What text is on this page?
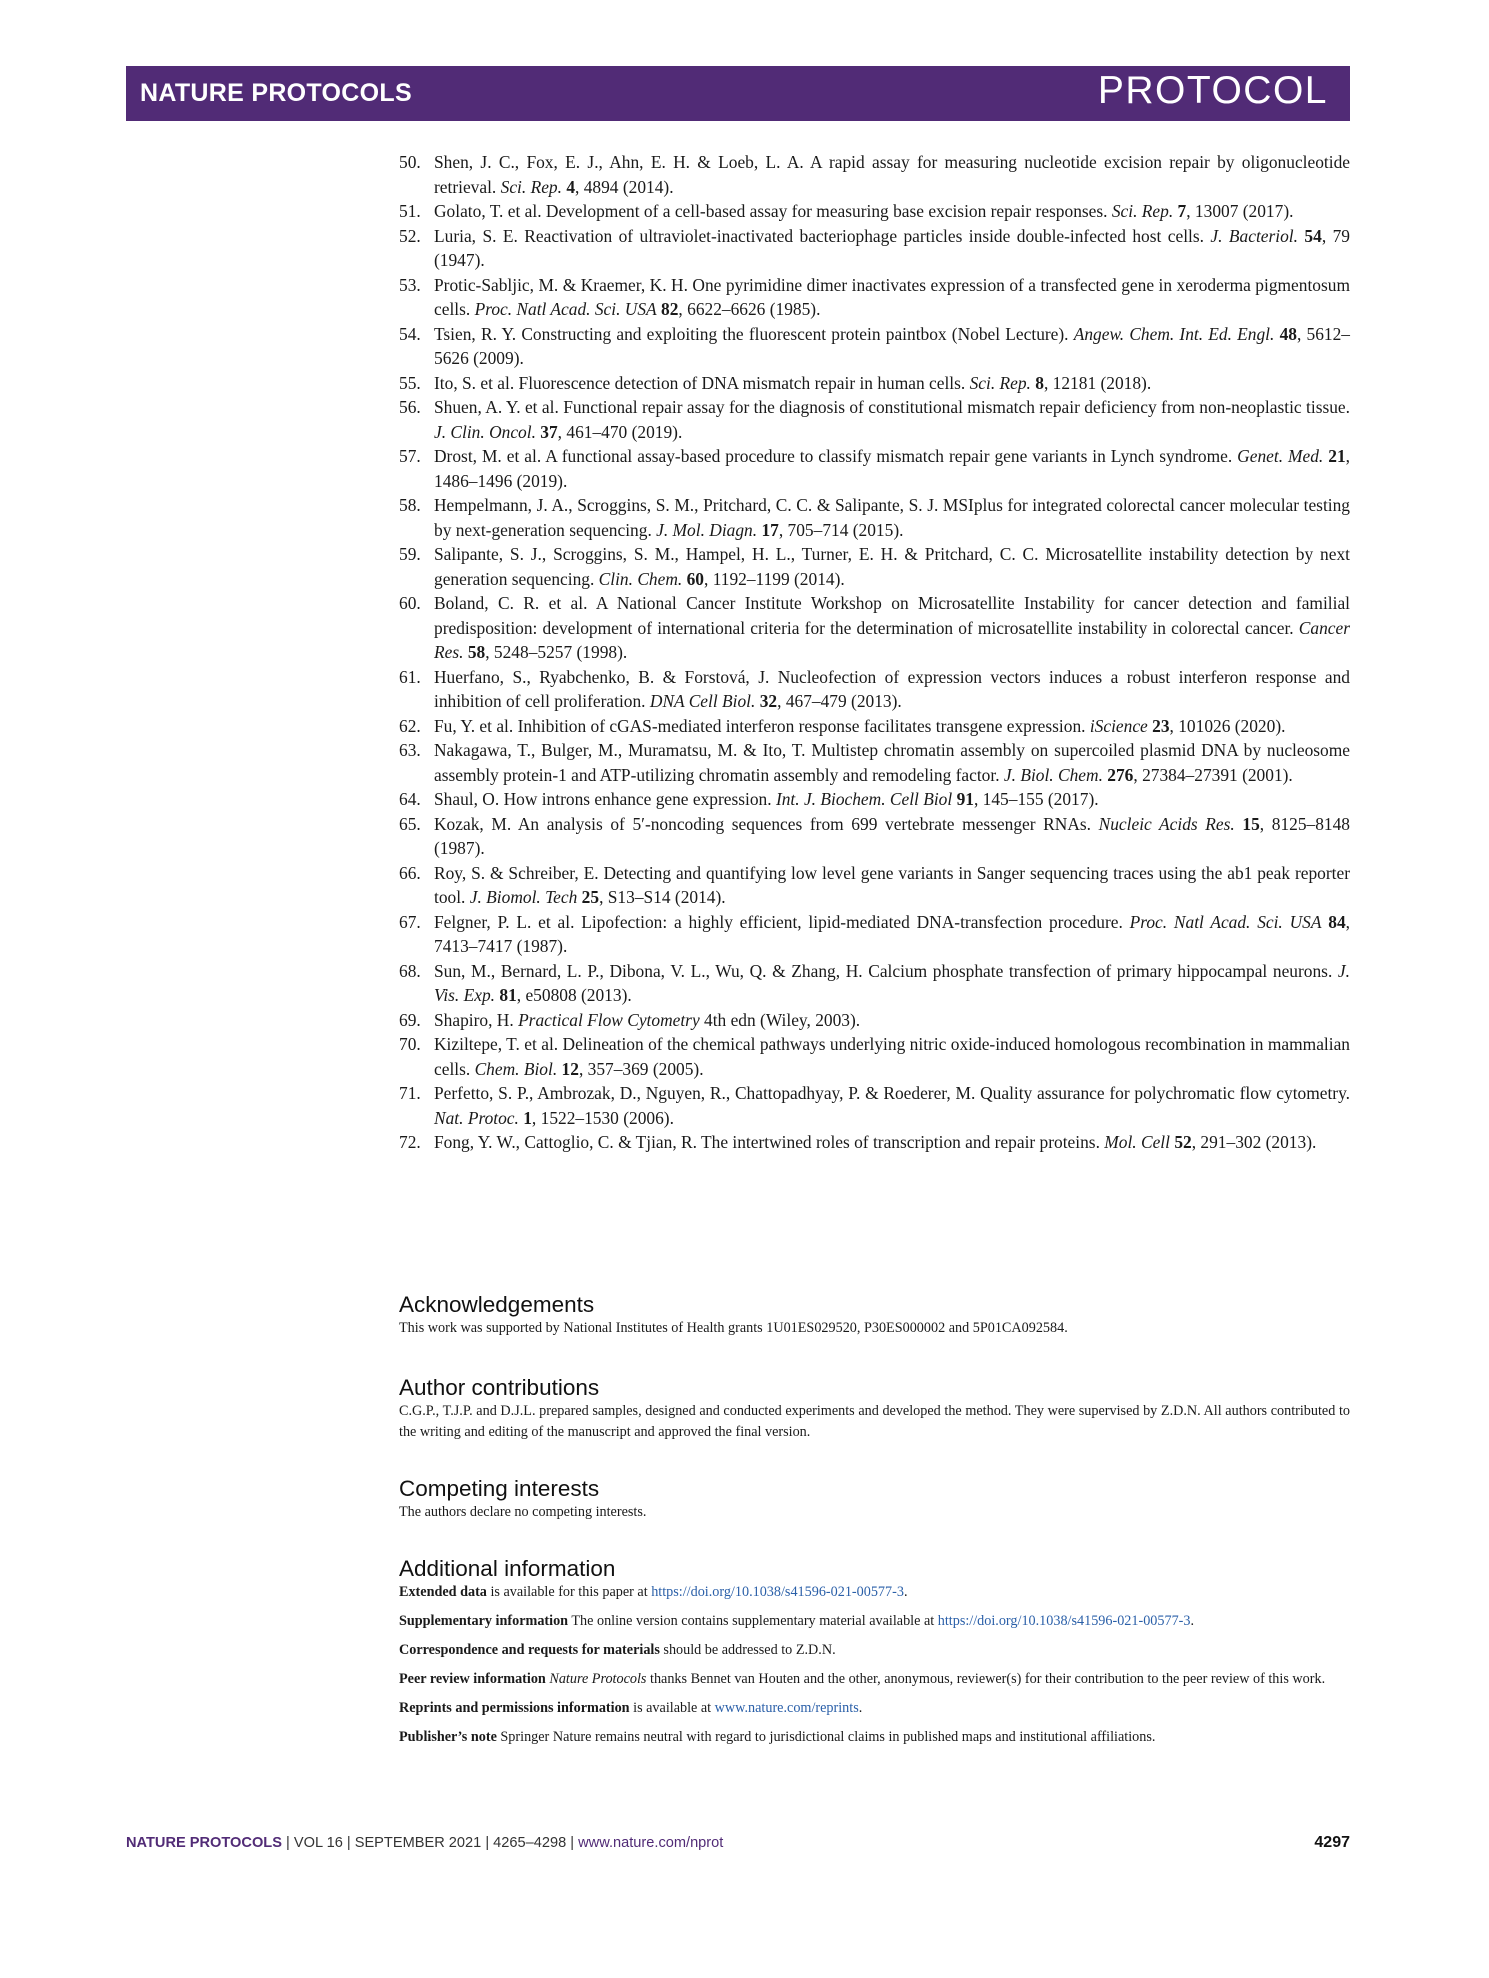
NATURE PROTOCOLS	PROTOCOL
50. Shen, J. C., Fox, E. J., Ahn, E. H. & Loeb, L. A. A rapid assay for measuring nucleotide excision repair by oligonucleotide retrieval. Sci. Rep. 4, 4894 (2014).
51. Golato, T. et al. Development of a cell-based assay for measuring base excision repair responses. Sci. Rep. 7, 13007 (2017).
52. Luria, S. E. Reactivation of ultraviolet-inactivated bacteriophage particles inside double-infected host cells. J. Bacteriol. 54, 79 (1947).
53. Protic-Sabljic, M. & Kraemer, K. H. One pyrimidine dimer inactivates expression of a transfected gene in xeroderma pigmentosum cells. Proc. Natl Acad. Sci. USA 82, 6622–6626 (1985).
54. Tsien, R. Y. Constructing and exploiting the fluorescent protein paintbox (Nobel Lecture). Angew. Chem. Int. Ed. Engl. 48, 5612–5626 (2009).
55. Ito, S. et al. Fluorescence detection of DNA mismatch repair in human cells. Sci. Rep. 8, 12181 (2018).
56. Shuen, A. Y. et al. Functional repair assay for the diagnosis of constitutional mismatch repair deficiency from non-neoplastic tissue. J. Clin. Oncol. 37, 461–470 (2019).
57. Drost, M. et al. A functional assay-based procedure to classify mismatch repair gene variants in Lynch syndrome. Genet. Med. 21, 1486–1496 (2019).
58. Hempelmann, J. A., Scroggins, S. M., Pritchard, C. C. & Salipante, S. J. MSIplus for integrated colorectal cancer molecular testing by next-generation sequencing. J. Mol. Diagn. 17, 705–714 (2015).
59. Salipante, S. J., Scroggins, S. M., Hampel, H. L., Turner, E. H. & Pritchard, C. C. Microsatellite instability detection by next generation sequencing. Clin. Chem. 60, 1192–1199 (2014).
60. Boland, C. R. et al. A National Cancer Institute Workshop on Microsatellite Instability for cancer detection and familial predisposition: development of international criteria for the determination of microsatellite instability in colorectal cancer. Cancer Res. 58, 5248–5257 (1998).
61. Huerfano, S., Ryabchenko, B. & Forstová, J. Nucleofection of expression vectors induces a robust interferon response and inhibition of cell proliferation. DNA Cell Biol. 32, 467–479 (2013).
62. Fu, Y. et al. Inhibition of cGAS-mediated interferon response facilitates transgene expression. iScience 23, 101026 (2020).
63. Nakagawa, T., Bulger, M., Muramatsu, M. & Ito, T. Multistep chromatin assembly on supercoiled plasmid DNA by nucleosome assembly protein-1 and ATP-utilizing chromatin assembly and remodeling factor. J. Biol. Chem. 276, 27384–27391 (2001).
64. Shaul, O. How introns enhance gene expression. Int. J. Biochem. Cell Biol 91, 145–155 (2017).
65. Kozak, M. An analysis of 5′-noncoding sequences from 699 vertebrate messenger RNAs. Nucleic Acids Res. 15, 8125–8148 (1987).
66. Roy, S. & Schreiber, E. Detecting and quantifying low level gene variants in Sanger sequencing traces using the ab1 peak reporter tool. J. Biomol. Tech 25, S13–S14 (2014).
67. Felgner, P. L. et al. Lipofection: a highly efficient, lipid-mediated DNA-transfection procedure. Proc. Natl Acad. Sci. USA 84, 7413–7417 (1987).
68. Sun, M., Bernard, L. P., Dibona, V. L., Wu, Q. & Zhang, H. Calcium phosphate transfection of primary hippocampal neurons. J. Vis. Exp. 81, e50808 (2013).
69. Shapiro, H. Practical Flow Cytometry 4th edn (Wiley, 2003).
70. Kiziltepe, T. et al. Delineation of the chemical pathways underlying nitric oxide-induced homologous recombination in mammalian cells. Chem. Biol. 12, 357–369 (2005).
71. Perfetto, S. P., Ambrozak, D., Nguyen, R., Chattopadhyay, P. & Roederer, M. Quality assurance for polychromatic flow cytometry. Nat. Protoc. 1, 1522–1530 (2006).
72. Fong, Y. W., Cattoglio, C. & Tjian, R. The intertwined roles of transcription and repair proteins. Mol. Cell 52, 291–302 (2013).
Acknowledgements

This work was supported by National Institutes of Health grants 1U01ES029520, P30ES000002 and 5P01CA092584.

Author contributions

C.G.P., T.J.P. and D.J.L. prepared samples, designed and conducted experiments and developed the method. They were supervised by Z.D.N. All authors contributed to the writing and editing of the manuscript and approved the final version.

Competing interests

The authors declare no competing interests.

Additional information

Extended data is available for this paper at https://doi.org/10.1038/s41596-021-00577-3.

Supplementary information The online version contains supplementary material available at https://doi.org/10.1038/s41596-021-00577-3.

Correspondence and requests for materials should be addressed to Z.D.N.

Peer review information Nature Protocols thanks Bennet van Houten and the other, anonymous, reviewer(s) for their contribution to the peer review of this work.

Reprints and permissions information is available at www.nature.com/reprints.

Publisher’s note Springer Nature remains neutral with regard to jurisdictional claims in published maps and institutional affiliations.

NATURE PROTOCOLS | VOL 16 | SEPTEMBER 2021 | 4265–4298 | www.nature.com/nprot	4297
